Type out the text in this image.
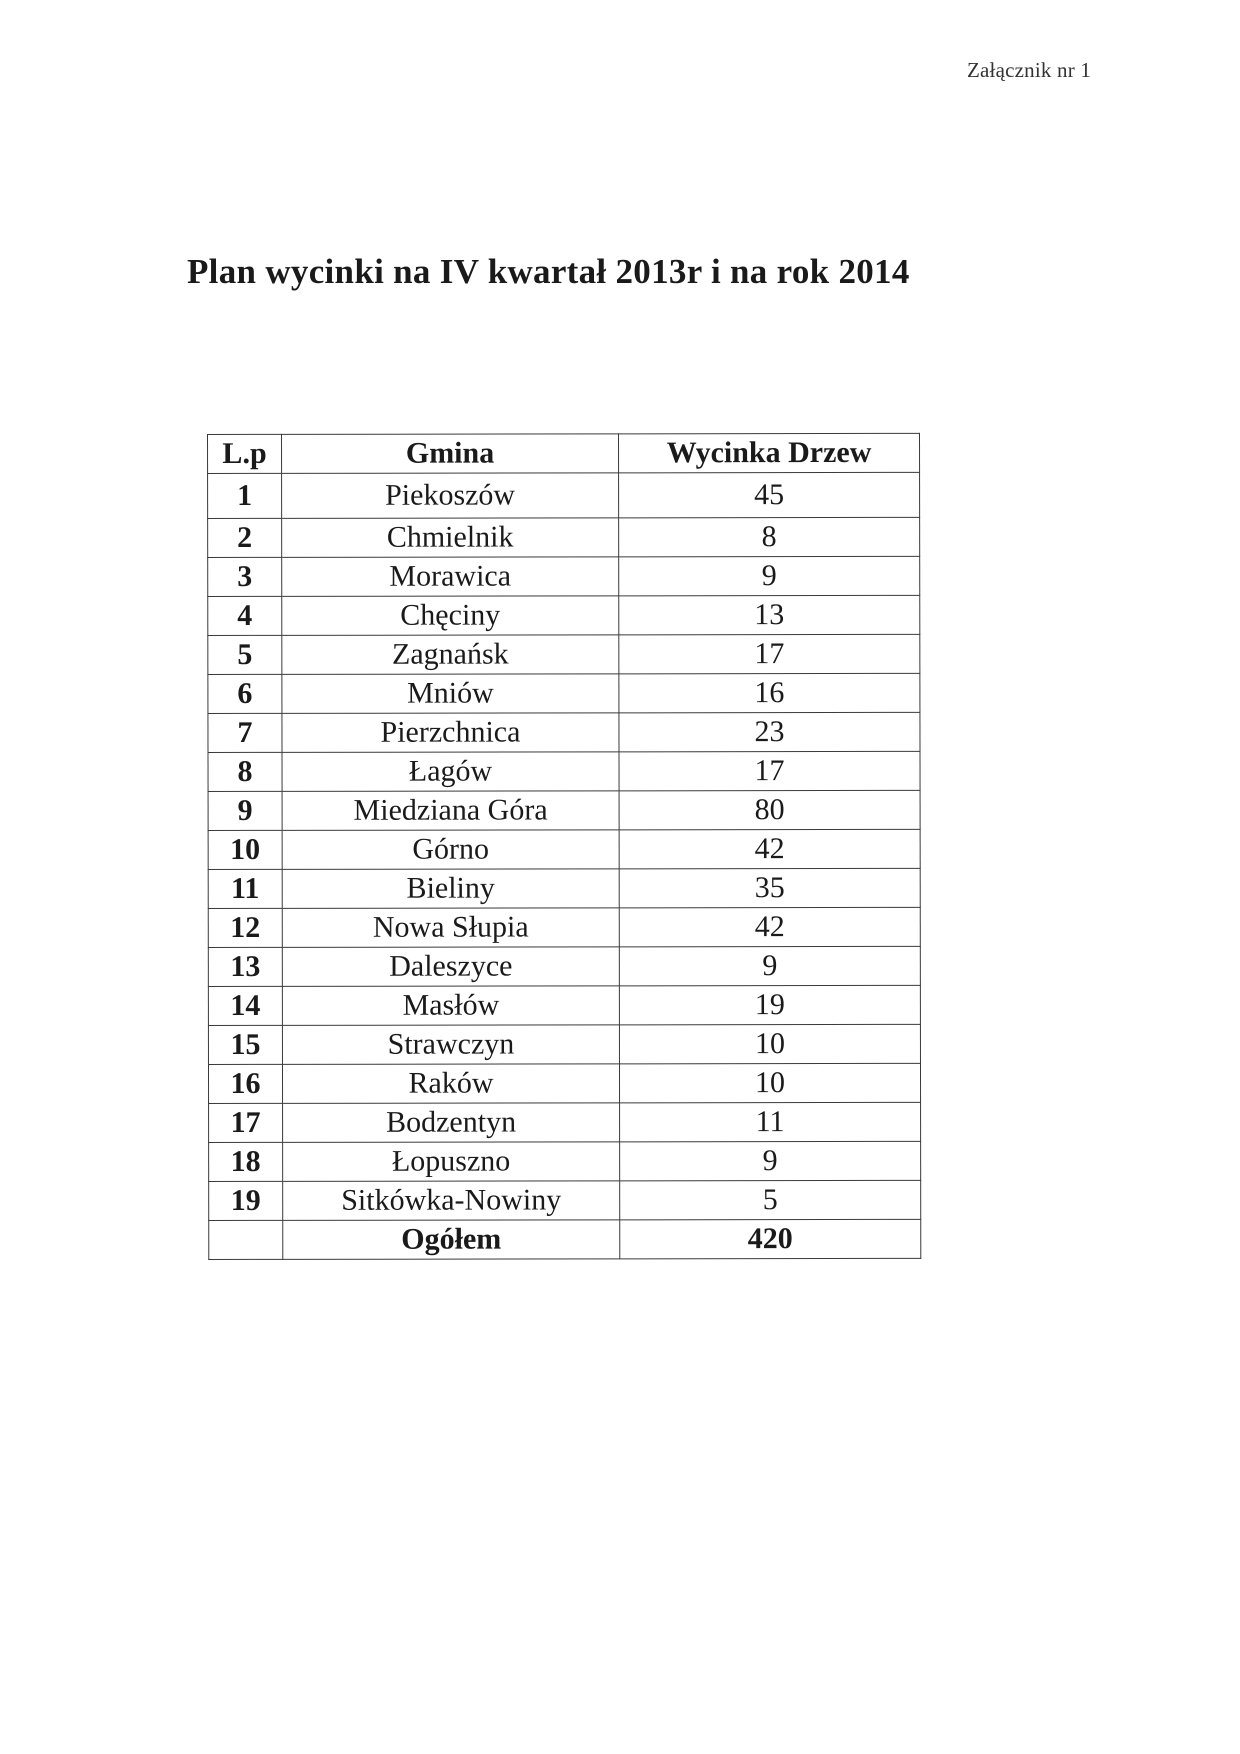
Załącznik nr 1
Plan wycinki na IV kwartał 2013r i na rok 2014
L.p	Gmina	Wycinka Drzew
1	Piekoszów	45
2	Chmielnik	8
3	Morawica	9
4	Chęciny	13
5	Zagnańsk	17
6	Mniów	16
7	Pierzchnica	23
8	Łagów	17
9	Miedziana Góra	80
10	Górno	42
11	Bieliny	35
12	Nowa Słupia	42
13	Daleszyce	9
14	Masłów	19
15	Strawczyn	10
16	Raków	10
17	Bodzentyn	11
18	Łopuszno	9
19	Sitkówka-Nowiny	5
	Ogółem	420
